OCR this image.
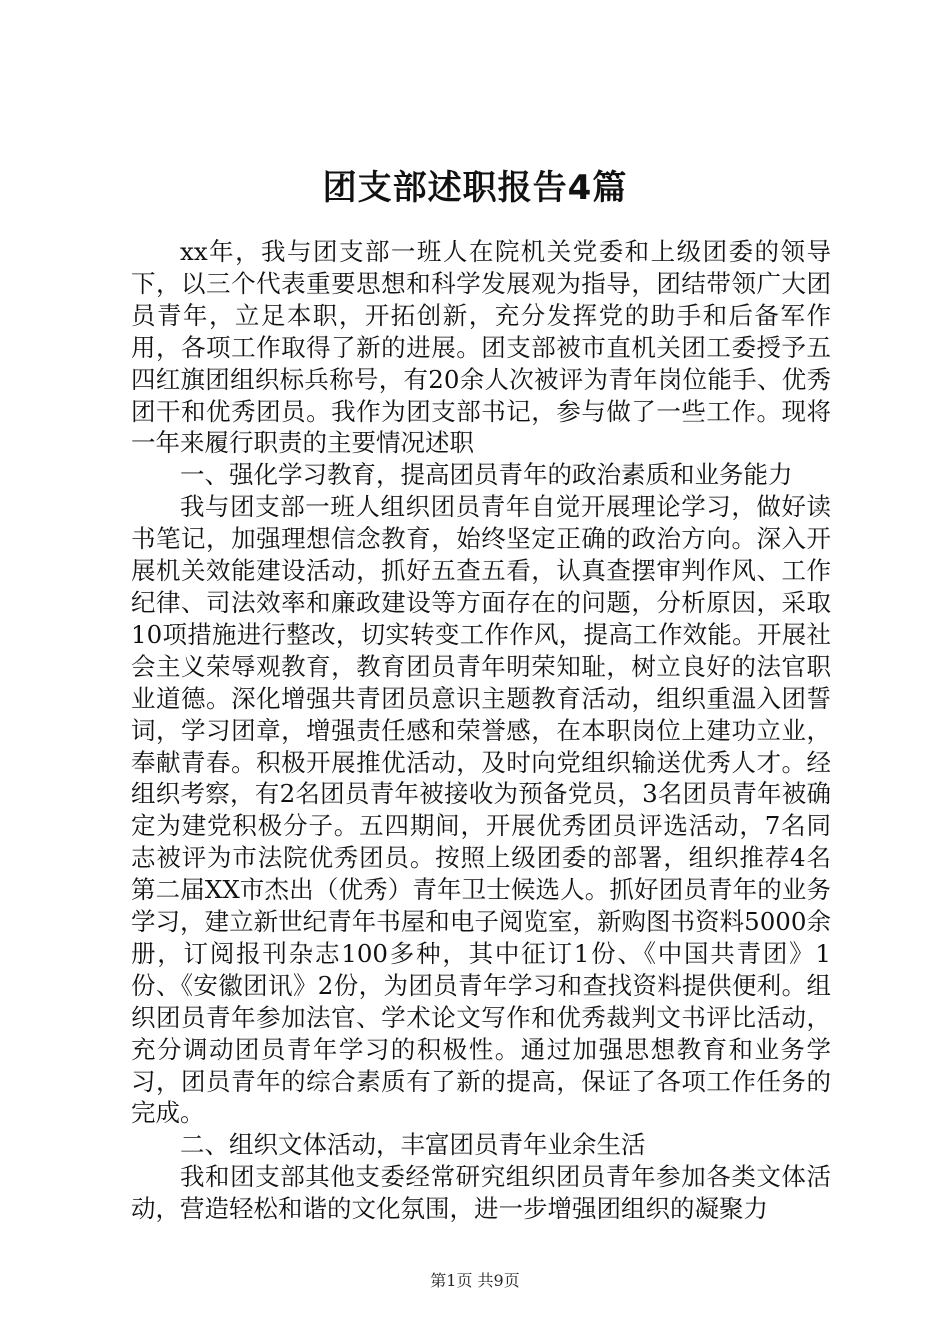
团支部述职报告4篇

xx年，我与团支部一班人在院机关党委和上级团委的领导下，以三个代表重要思想和科学发展观为指导，团结带领广大团员青年，立足本职，开拓创新，充分发挥党的助手和后备军作用，各项工作取得了新的进展。团支部被市直机关团工委授予五四红旗团组织标兵称号，有20余人次被评为青年岗位能手、优秀团干和优秀团员。我作为团支部书记，参与做了一些工作。现将一年来履行职责的主要情况述职

一、强化学习教育，提高团员青年的政治素质和业务能力

我与团支部一班人组织团员青年自觉开展理论学习，做好读书笔记，加强理想信念教育，始终坚定正确的政治方向。深入开展机关效能建设活动，抓好五查五看，认真查摆审判作风、工作纪律、司法效率和廉政建设等方面存在的问题，分析原因，采取10项措施进行整改，切实转变工作作风，提高工作效能。开展社会主义荣辱观教育，教育团员青年明荣知耻，树立良好的法官职业道德。深化增强共青团员意识主题教育活动，组织重温入团誓词，学习团章，增强责任感和荣誉感，在本职岗位上建功立业，奉献青春。积极开展推优活动，及时向党组织输送优秀人才。经组织考察，有2名团员青年被接收为预备党员，3名团员青年被确定为建党积极分子。五四期间，开展优秀团员评选活动，7名同志被评为市法院优秀团员。按照上级团委的部署，组织推荐4名第二届XX市杰出（优秀）青年卫士候选人。抓好团员青年的业务学习，建立新世纪青年书屋和电子阅览室，新购图书资料5000余册，订阅报刊杂志100多种，其中征订1份、《中国共青团》1份、《安徽团讯》2份，为团员青年学习和查找资料提供便利。组织团员青年参加法官、学术论文写作和优秀裁判文书评比活动，充分调动团员青年学习的积极性。通过加强思想教育和业务学习，团员青年的综合素质有了新的提高，保证了各项工作任务的完成。

二、组织文体活动，丰富团员青年业余生活

我和团支部其他支委经常研究组织团员青年参加各类文体活动，营造轻松和谐的文化氛围，进一步增强团组织的凝聚力

第1页 共9页
